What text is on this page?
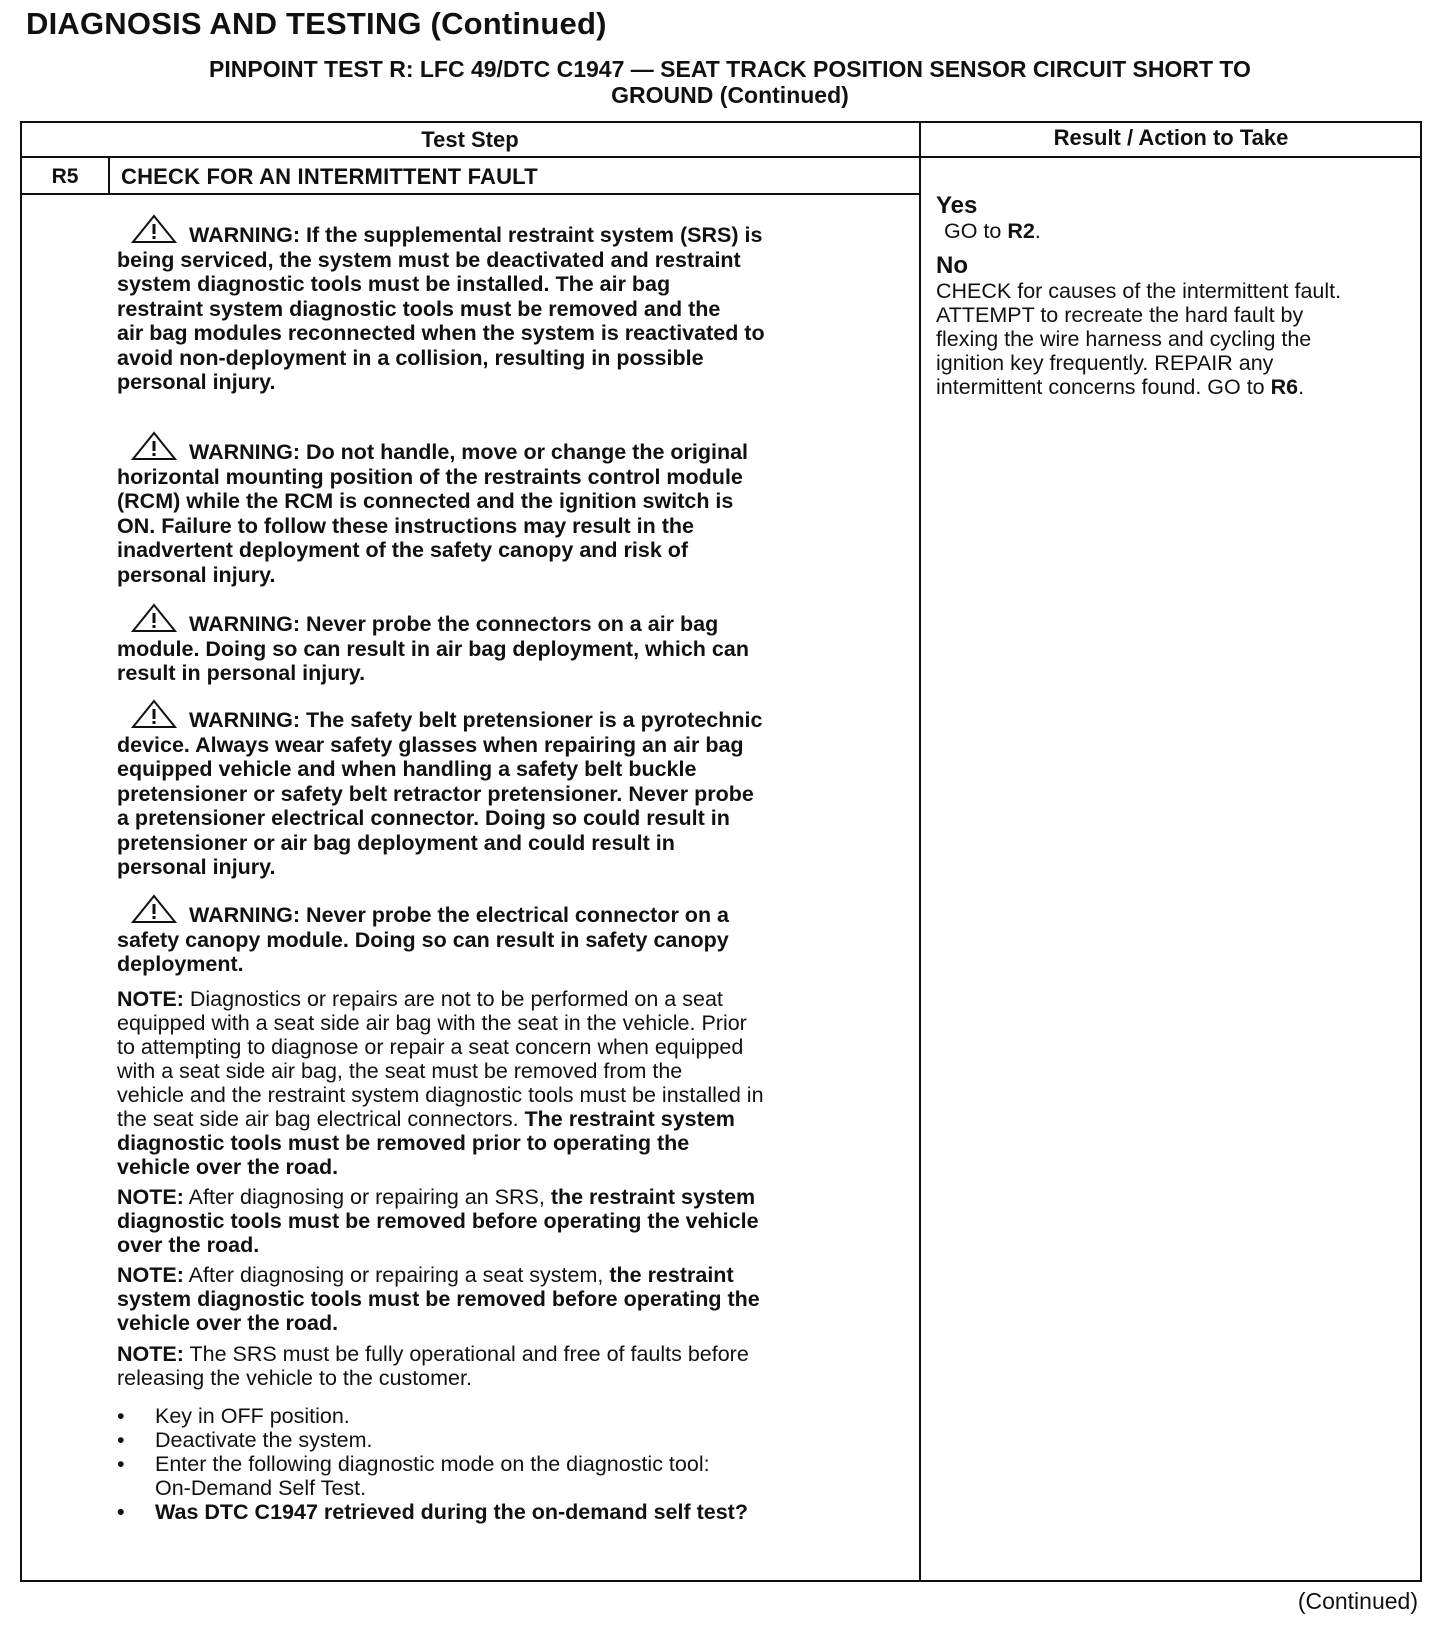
DIAGNOSIS AND TESTING (Continued)
PINPOINT TEST R: LFC 49/DTC C1947 — SEAT TRACK POSITION SENSOR CIRCUIT SHORT TO
GROUND (Continued)
Test Step	Result / Action to Take
R5	CHECK FOR AN INTERMITTENT FAULT
WARNING: If the supplemental restraint system (SRS) is
being serviced, the system must be deactivated and restraint
system diagnostic tools must be installed. The air bag
restraint system diagnostic tools must be removed and the
air bag modules reconnected when the system is reactivated to
avoid non-deployment in a collision, resulting in possible
personal injury.
WARNING: Do not handle, move or change the original
horizontal mounting position of the restraints control module
(RCM) while the RCM is connected and the ignition switch is
ON. Failure to follow these instructions may result in the
inadvertent deployment of the safety canopy and risk of
personal injury.
WARNING: Never probe the connectors on a air bag
module. Doing so can result in air bag deployment, which can
result in personal injury.
WARNING: The safety belt pretensioner is a pyrotechnic
device. Always wear safety glasses when repairing an air bag
equipped vehicle and when handling a safety belt buckle
pretensioner or safety belt retractor pretensioner. Never probe
a pretensioner electrical connector. Doing so could result in
pretensioner or air bag deployment and could result in
personal injury.
WARNING: Never probe the electrical connector on a
safety canopy module. Doing so can result in safety canopy
deployment.
NOTE: Diagnostics or repairs are not to be performed on a seat
equipped with a seat side air bag with the seat in the vehicle. Prior
to attempting to diagnose or repair a seat concern when equipped
with a seat side air bag, the seat must be removed from the
vehicle and the restraint system diagnostic tools must be installed in
the seat side air bag electrical connectors. The restraint system
diagnostic tools must be removed prior to operating the
vehicle over the road.
NOTE: After diagnosing or repairing an SRS, the restraint system
diagnostic tools must be removed before operating the vehicle
over the road.
NOTE: After diagnosing or repairing a seat system, the restraint
system diagnostic tools must be removed before operating the
vehicle over the road.
NOTE: The SRS must be fully operational and free of faults before
releasing the vehicle to the customer.
• Key in OFF position.
• Deactivate the system.
• Enter the following diagnostic mode on the diagnostic tool:
On-Demand Self Test.
• Was DTC C1947 retrieved during the on-demand self test?
Yes
GO to R2.
No
CHECK for causes of the intermittent fault.
ATTEMPT to recreate the hard fault by
flexing the wire harness and cycling the
ignition key frequently. REPAIR any
intermittent concerns found. GO to R6.
(Continued)
